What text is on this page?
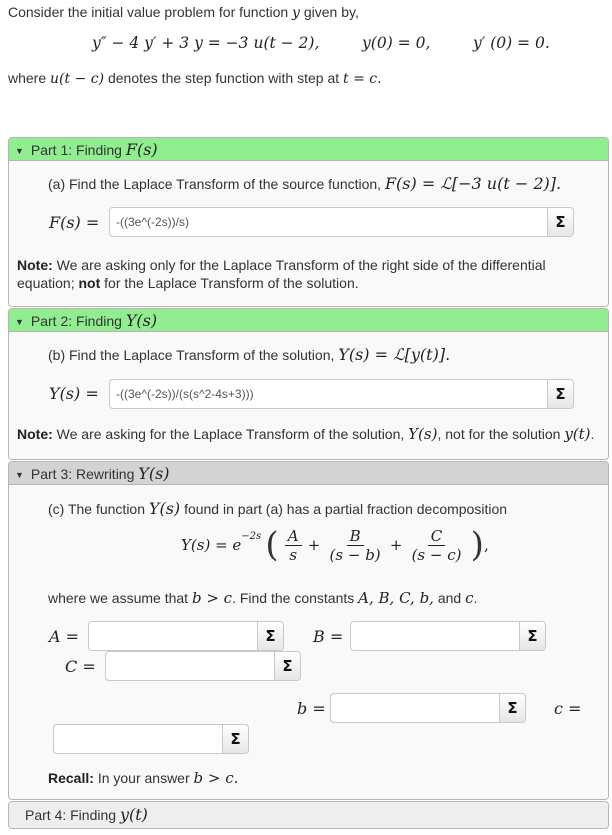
Consider the initial value problem for function y given by,
y″ − 4 y′ + 3 y = −3 u(t − 2),	y(0) = 0,	y′ (0) = 0.
where u(t − c) denotes the step function with step at t = c.
▼ Part 1: Finding F(s)
(a) Find the Laplace Transform of the source function, F(s) = ℒ[−3 u(t − 2)].
F(s) =
-((3e^(-2s))/s)	Σ
Note: We are asking only for the Laplace Transform of the right side of the differential equation; not for the Laplace Transform of the solution.
▼ Part 2: Finding Y(s)
(b) Find the Laplace Transform of the solution, Y(s) = ℒ[y(t)].
Y(s) =
-((3e^(-2s))/(s(s^2-4s+3)))	Σ
Note: We are asking for the Laplace Transform of the solution, Y(s), not for the solution y(t).
▼ Part 3: Rewriting Y(s)
(c) The function Y(s) found in part (a) has a partial fraction decomposition
$Y(s) = e^{-2s}$ ( $\frac{A}{s} + \frac{B}{(s - b)} + \frac{C}{(s - c)}$ ),
where we assume that b > c. Find the constants A, B, C, b, and c.
A =	Σ	B =	Σ
C =	Σ
b =	Σ	c =
Σ
Recall: In your answer b > c.
Part 4: Finding y(t)
